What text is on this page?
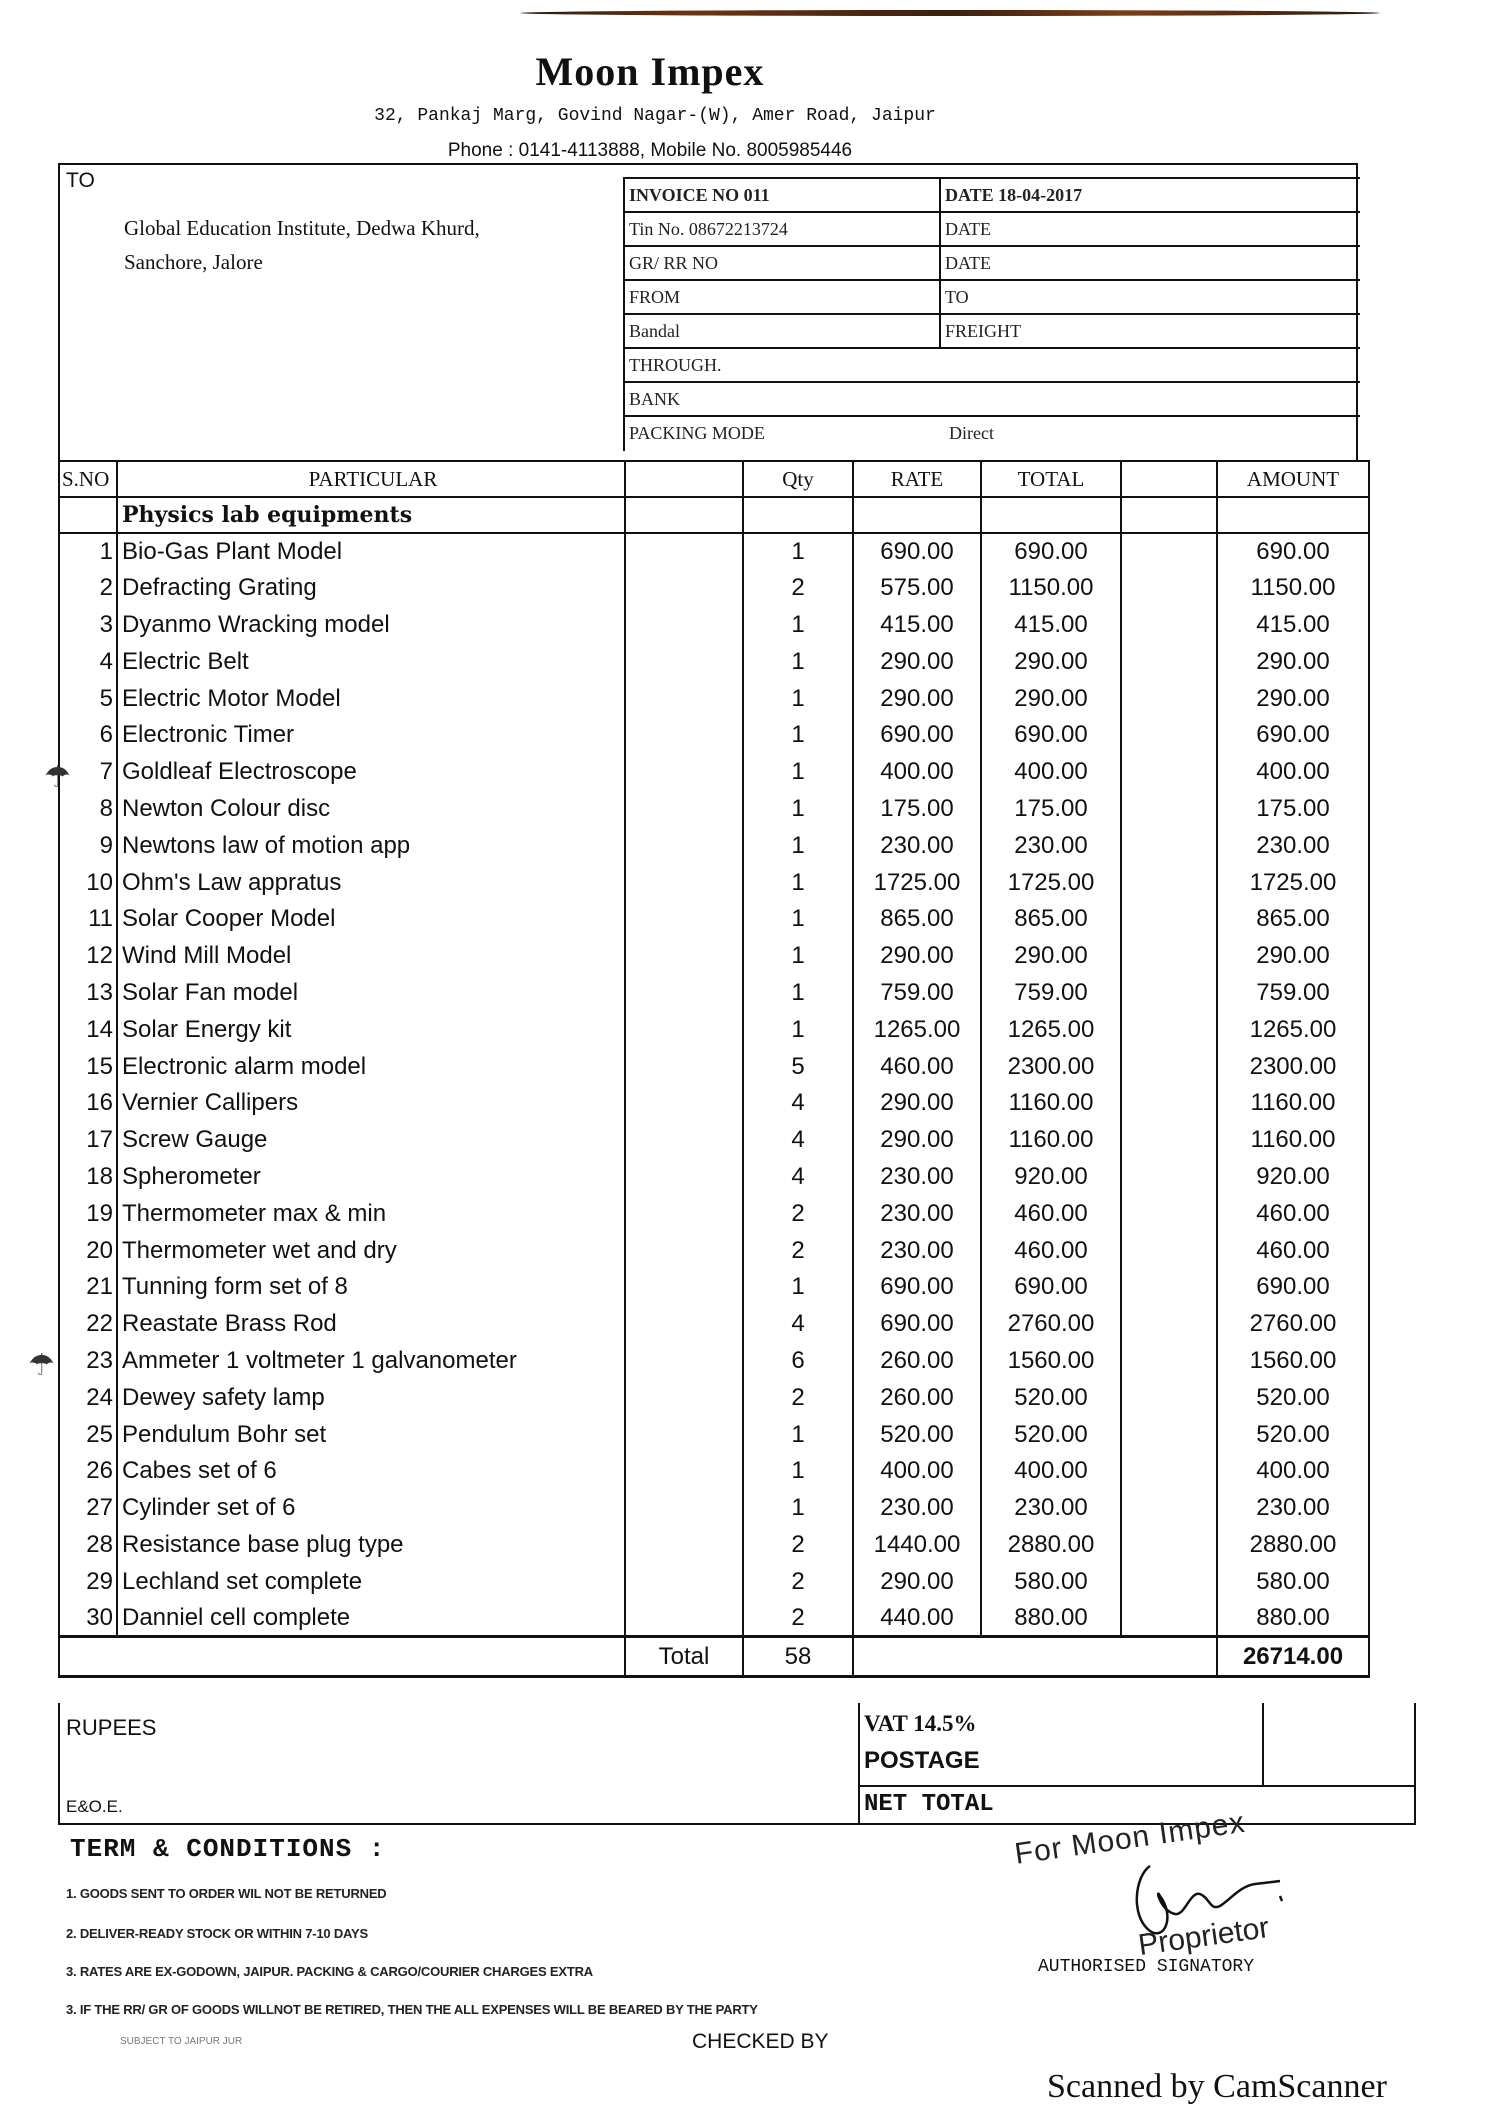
Moon Impex
32, Pankaj Marg, Govind Nagar-(W), Amer Road, Jaipur
Phone : 0141-4113888, Mobile No. 8005985446
TO
Global Education Institute, Dedwa Khurd,
Sanchore, Jalore
INVOICE NO 011	DATE 18-04-2017
Tin No. 08672213724	DATE
GR/ RR NO	DATE
FROM	TO
Bandal	FREIGHT
THROUGH.
BANK
PACKING MODE	Direct
S.NO	PARTICULAR		Qty	RATE	TOTAL		AMOUNT
	Physics lab equipments						
1	Bio-Gas Plant Model		1	690.00	690.00		690.00
2	Defracting Grating		2	575.00	1150.00		1150.00
3	Dyanmo Wracking model		1	415.00	415.00		415.00
4	Electric Belt		1	290.00	290.00		290.00
5	Electric Motor Model		1	290.00	290.00		290.00
6	Electronic Timer		1	690.00	690.00		690.00
7	Goldleaf Electroscope		1	400.00	400.00		400.00
8	Newton Colour disc		1	175.00	175.00		175.00
9	Newtons law of motion app		1	230.00	230.00		230.00
10	Ohm's Law appratus		1	1725.00	1725.00		1725.00
11	Solar Cooper Model		1	865.00	865.00		865.00
12	Wind Mill Model		1	290.00	290.00		290.00
13	Solar Fan model		1	759.00	759.00		759.00
14	Solar Energy kit		1	1265.00	1265.00		1265.00
15	Electronic alarm model		5	460.00	2300.00		2300.00
16	Vernier Callipers		4	290.00	1160.00		1160.00
17	Screw Gauge		4	290.00	1160.00		1160.00
18	Spherometer		4	230.00	920.00		920.00
19	Thermometer max & min		2	230.00	460.00		460.00
20	Thermometer wet and dry		2	230.00	460.00		460.00
21	Tunning form set of 8		1	690.00	690.00		690.00
22	Reastate Brass Rod		4	690.00	2760.00		2760.00
23	Ammeter 1 voltmeter 1 galvanometer		6	260.00	1560.00		1560.00
24	Dewey safety lamp		2	260.00	520.00		520.00
25	Pendulum Bohr set		1	520.00	520.00		520.00
26	Cabes set of 6		1	400.00	400.00		400.00
27	Cylinder set of 6		1	230.00	230.00		230.00
28	Resistance base plug type		2	1440.00	2880.00		2880.00
29	Lechland set complete		2	290.00	580.00		580.00
30	Danniel cell complete		2	440.00	880.00		880.00
		Total	58				26714.00
RUPEES
E&O.E.
VAT 14.5%
POSTAGE
NET TOTAL
TERM & CONDITIONS :
1. GOODS SENT TO ORDER WIL NOT BE RETURNED
2. DELIVER-READY STOCK OR WITHIN 7-10 DAYS
3. RATES ARE EX-GODOWN, JAIPUR. PACKING & CARGO/COURIER CHARGES EXTRA
3. IF THE RR/ GR OF GOODS WILLNOT BE RETIRED, THEN THE ALL EXPENSES WILL BE BEARED BY THE PARTY
SUBJECT TO JAIPUR JUR	CHECKED BY
For Moon Impex
Proprietor
AUTHORISED SIGNATORY
☂
☂
Scanned by CamScanner
